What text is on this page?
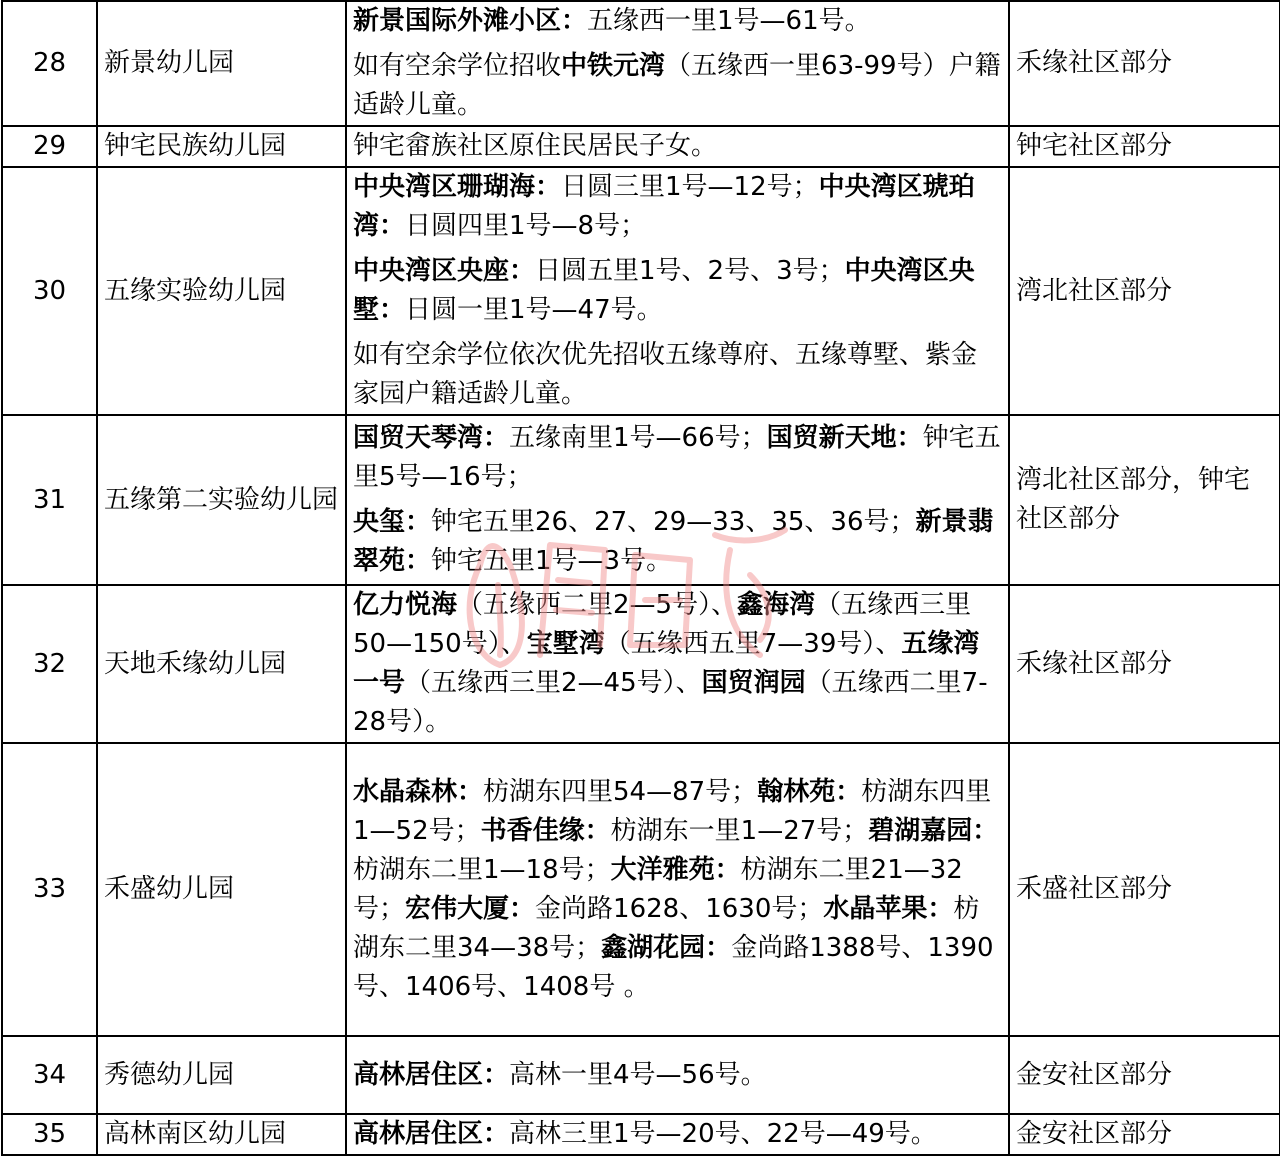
28	新景幼儿园	新景国际外滩小区：五缘西一里1号—61号。

如有空余学位招收中铁元湾（五缘西一里63-99号）户籍适龄儿童。	禾缘社区部分
29	钟宅民族幼儿园	钟宅畲族社区原住民居民子女。	钟宅社区部分
30	五缘实验幼儿园	中央湾区珊瑚海：日圆三里1号—12号；中央湾区琥珀湾：日圆四里1号—8号；

中央湾区央座：日圆五里1号、2号、3号；中央湾区央墅：日圆一里1号—47号。

如有空余学位依次优先招收五缘尊府、五缘尊墅、紫金家园户籍适龄儿童。	湾北社区部分
31	五缘第二实验幼儿园	国贸天琴湾：五缘南里1号—66号；国贸新天地：钟宅五里5号—16号；

央玺：钟宅五里26、27、29—33、35、36号；新景翡翠苑：钟宅五里1号—3号。	湾北社区部分，钟宅社区部分
32	天地禾缘幼儿园	亿力悦海（五缘西二里2—5号）、鑫海湾（五缘西三里50—150号）、宝墅湾（五缘西五里7—39号）、五缘湾一号（五缘西三里2—45号）、国贸润园（五缘西二里7-28号）。	禾缘社区部分
33	禾盛幼儿园	水晶森林：枋湖东四里54—87号；翰林苑：枋湖东四里1—52号；书香佳缘：枋湖东一里1—27号；碧湖嘉园：枋湖东二里1—18号；大洋雅苑：枋湖东二里21—32号；宏伟大厦：金尚路1628、1630号；水晶苹果：枋湖东二里34—38号；鑫湖花园：金尚路1388号、1390号、1406号、1408号 。	禾盛社区部分
34	秀德幼儿园	高林居住区：高林一里4号—56号。	金安社区部分
35	高林南区幼儿园	高林居住区：高林三里1号—20号、22号—49号。	金安社区部分
